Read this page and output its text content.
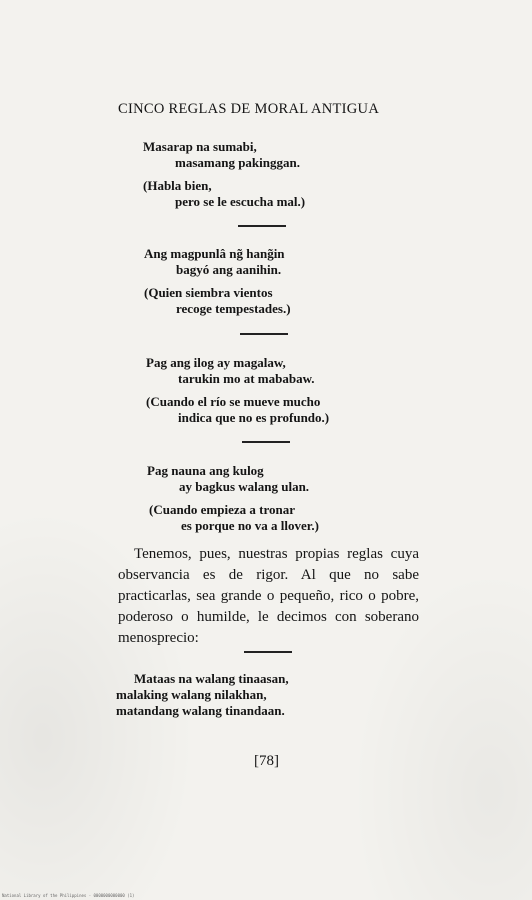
CINCO REGLAS DE MORAL ANTIGUA
Masarap na sumabi,
masamang pakinggan.
(Habla bien,
pero se le escucha mal.)
Ang magpunlâ ng̃ hang̃in
bagyó ang aanihin.
(Quien siembra vientos
recoge tempestades.)
Pag ang ilog ay magalaw,
tarukin mo at mababaw.
(Cuando el río se mueve mucho
indica que no es profundo.)
Pag nauna ang kulog
ay bagkus walang ulan.
(Cuando empieza a tronar
es porque no va a llover.)
Tenemos, pues, nuestras propias reglas cuya observancia es de rigor. Al que no sabe practicarlas, sea grande o pequeño, rico o pobre, poderoso o humilde, le decimos con soberano menosprecio:
Mataas na walang tinaasan,
malaking walang nilakhan,
matandang walang tinandaan.
[78]
National Library of the Philippines · 0000000000000 (1)
